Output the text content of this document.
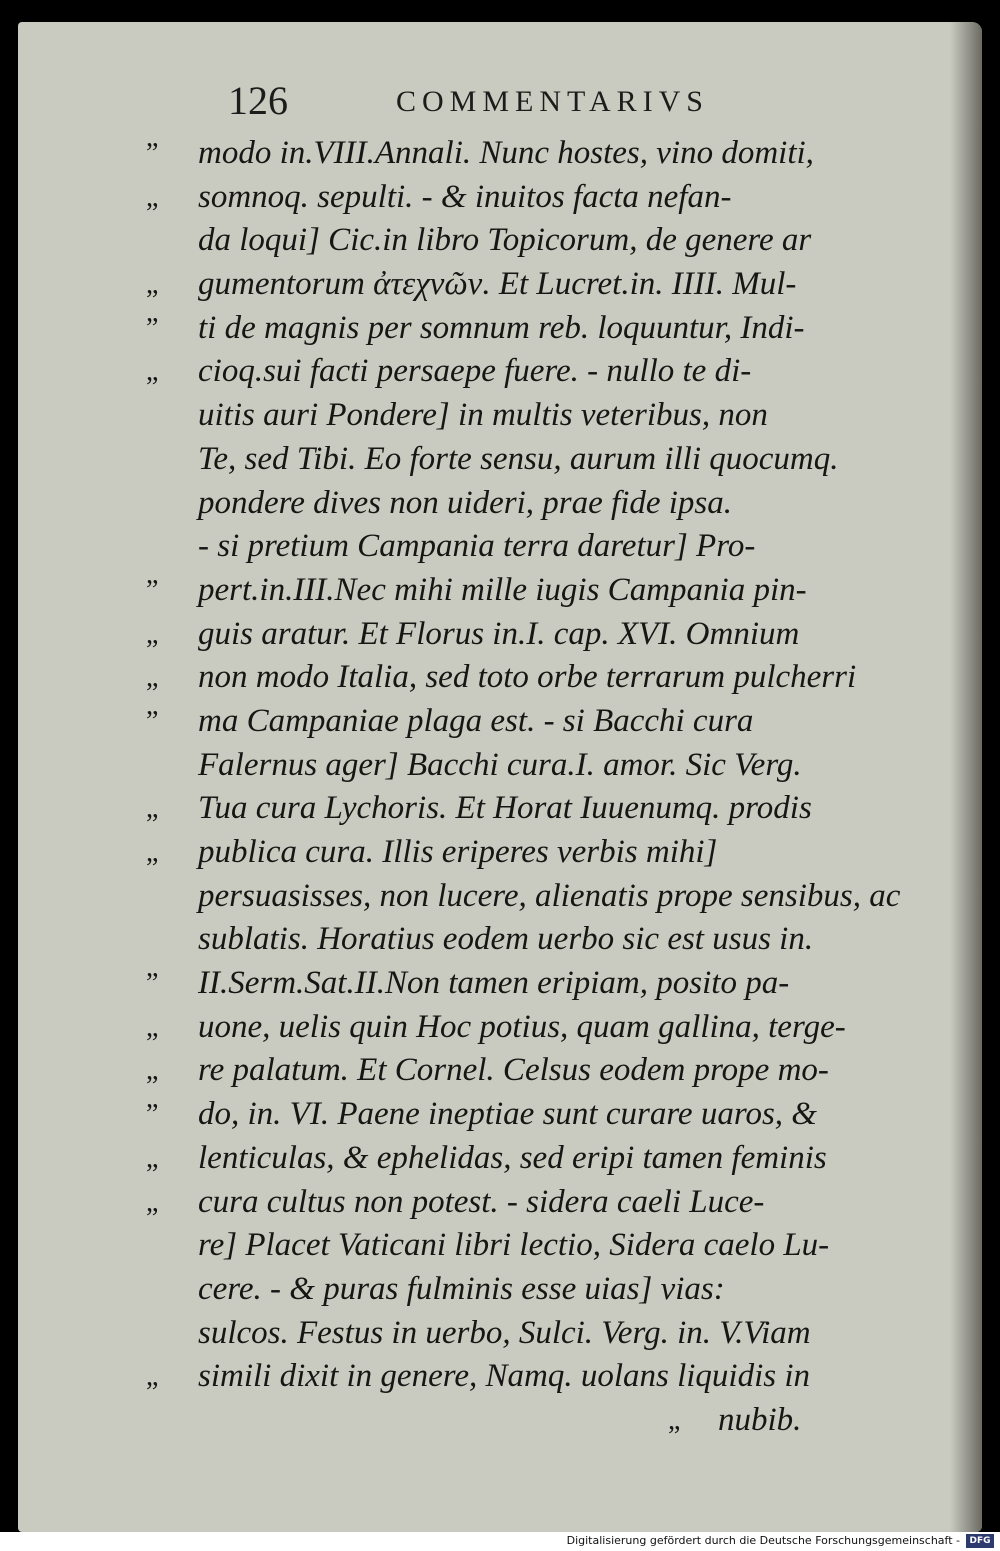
126	COMMENTARIVS
”	modo in.VIII.Annali. Nunc hostes, vino domiti,
„	somnoq. sepulti. - & inuitos facta nefan-
da loqui] Cic.in libro Topicorum, de genere ar
„	gumentorum ἀτεχνῶν. Et Lucret.in. IIII. Mul-
”	ti de magnis per somnum reb. loquuntur, Indi-
„	cioq.sui facti persaepe fuere. - nullo te di-
uitis auri Pondere] in multis veteribus, non
Te, sed Tibi. Eo forte sensu, aurum illi quocumq.
pondere dives non uideri, prae fide ipsa.
- si pretium Campania terra daretur] Pro-
”	pert.in.III.Nec mihi mille iugis Campania pin-
„	guis aratur. Et Florus in.I. cap. XVI. Omnium
„	non modo Italia, sed toto orbe terrarum pulcherri
”	ma Campaniae plaga est. - si Bacchi cura
Falernus ager] Bacchi cura.I. amor. Sic Verg.
„	Tua cura Lychoris. Et Horat Iuuenumq. prodis
„	publica cura. Illis eriperes verbis mihi]
persuasisses, non lucere, alienatis prope sensibus, ac
sublatis. Horatius eodem uerbo sic est usus in.
”	II.Serm.Sat.II.Non tamen eripiam, posito pa-
„	uone, uelis quin Hoc potius, quam gallina, terge-
„	re palatum. Et Cornel. Celsus eodem prope mo-
”	do, in. VI. Paene ineptiae sunt curare uaros, &
„	lenticulas, & ephelidas, sed eripi tamen feminis
„	cura cultus non potest. - sidera caeli Luce-
re] Placet Vaticani libri lectio, Sidera caelo Lu-
cere. - & puras fulminis esse uias] vias:
sulcos. Festus in uerbo, Sulci. Verg. in. V.Viam
„	simili dixit in genere, Namq. uolans liquidis in
„	nubib.
Digitalisierung gefördert durch die Deutsche Forschungsgemeinschaft -	DFG
